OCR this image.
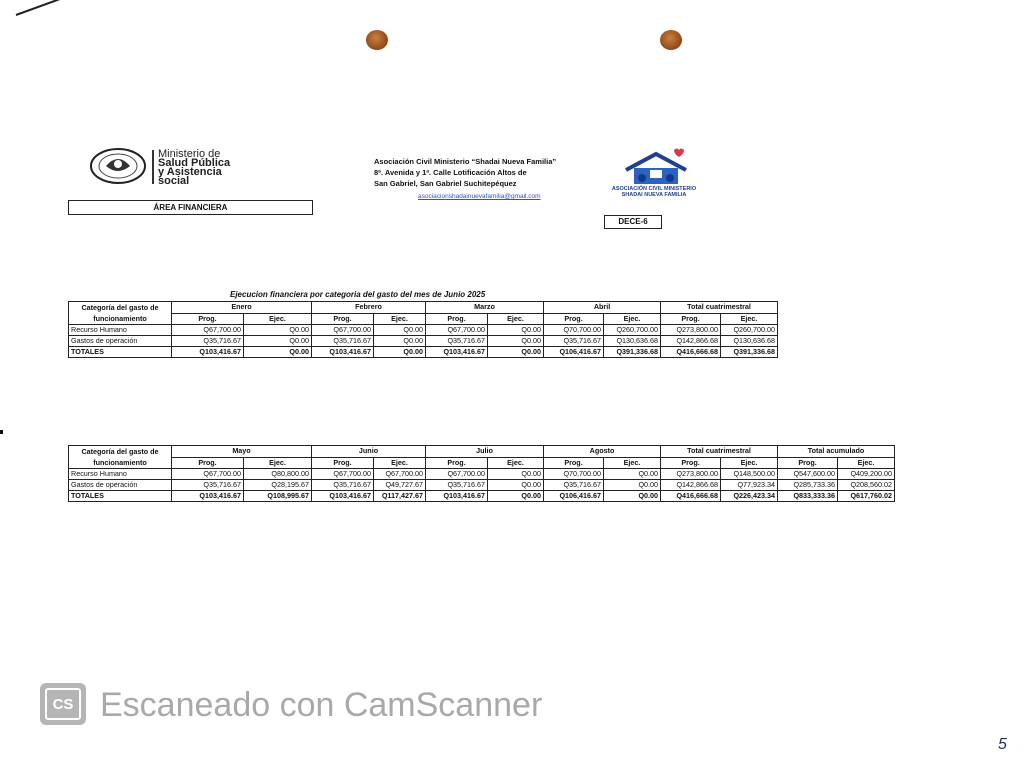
Ministerio de
Salud Pública
y Asistencia
social
ÁREA FINANCIERA
Asociación Civil Ministerio “Shadai Nueva Familia”
8ª. Avenida y 1ª. Calle Lotificación Altos de
San Gabriel, San Gabriel Suchitepéquez
asociacionshadainuevafamilia@gmail.com
ASOCIACIÓN CIVIL MINISTERIO
SHADAI NUEVA FAMILIA
DECE-6
Ejecucion financiera por categoria del gasto del mes de Junio 2025
Categoría del gasto de funcionamiento	Enero		Febrero		Marzo		Abril		Total cuatrimestral	
	Prog.	Ejec.	Prog.	Ejec.	Prog.	Ejec.	Prog.	Ejec.	Prog.	Ejec.
Recurso Humano	Q67,700.00	Q0.00	Q67,700.00	Q0.00	Q67,700.00	Q0.00	Q70,700.00	Q260,700.00	Q273,800.00	Q260,700.00
Gastos de operación	Q35,716.67	Q0.00	Q35,716.67	Q0.00	Q35,716.67	Q0.00	Q35,716.67	Q130,636.68	Q142,866.68	Q130,636.68
TOTALES	Q103,416.67	Q0.00	Q103,416.67	Q0.00	Q103,416.67	Q0.00	Q106,416.67	Q391,336.68	Q416,666.68	Q391,336.68
Categoría del gasto de funcionamiento	Mayo		Junio		Julio		Agosto		Total cuatrimestral		Total acumulado	
	Prog.	Ejec.	Prog.	Ejec.	Prog.	Ejec.	Prog.	Ejec.	Prog.	Ejec.	Prog.	Ejec.
Recurso Humano	Q67,700.00	Q80,800.00	Q67,700.00	Q67,700.00	Q67,700.00	Q0.00	Q70,700.00	Q0.00	Q273,800.00	Q148,500.00	Q547,600.00	Q409,200.00
Gastos de operación	Q35,716.67	Q28,195.67	Q35,716.67	Q49,727.67	Q35,716.67	Q0.00	Q35,716.67	Q0.00	Q142,866.68	Q77,923.34	Q285,733.36	Q208,560.02
TOTALES	Q103,416.67	Q108,995.67	Q103,416.67	Q117,427.67	Q103,416.67	Q0.00	Q106,416.67	Q0.00	Q416,666.68	Q226,423.34	Q833,333.36	Q617,760.02
CS Escaneado con CamScanner
5
